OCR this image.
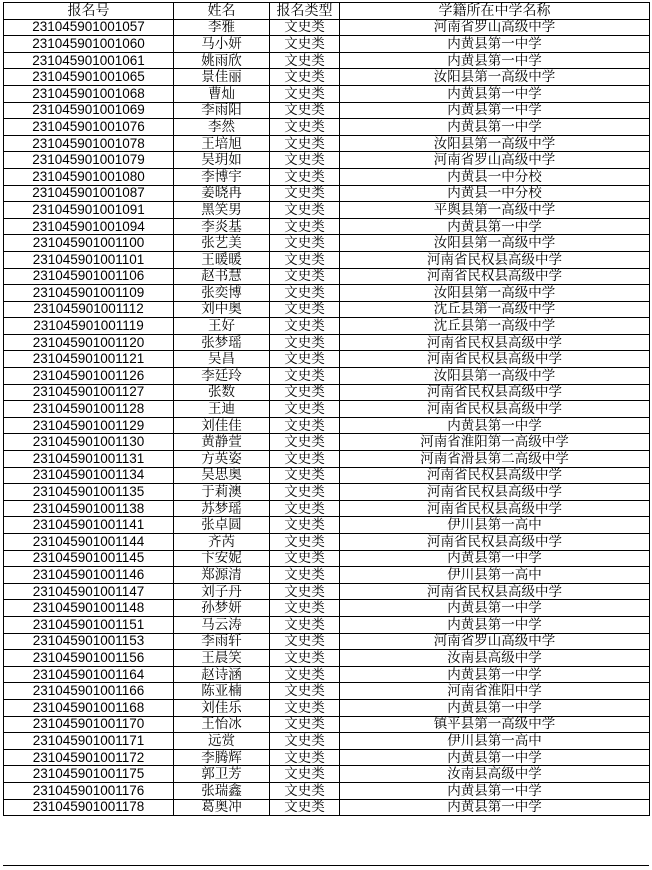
报名号	姓名	报名类型	学籍所在中学名称
231045901001057	李雅	文史类	河南省罗山高级中学
231045901001060	马小妍	文史类	内黄县第一中学
231045901001061	姚雨欣	文史类	内黄县第一中学
231045901001065	景佳丽	文史类	汝阳县第一高级中学
231045901001068	曹灿	文史类	内黄县第一中学
231045901001069	李雨阳	文史类	内黄县第一中学
231045901001076	李然	文史类	内黄县第一中学
231045901001078	王培旭	文史类	汝阳县第一高级中学
231045901001079	吴玥如	文史类	河南省罗山高级中学
231045901001080	李博宇	文史类	内黄县一中分校
231045901001087	姜晓冉	文史类	内黄县一中分校
231045901001091	黑笑男	文史类	平舆县第一高级中学
231045901001094	李炎基	文史类	内黄县第一中学
231045901001100	张艺美	文史类	汝阳县第一高级中学
231045901001101	王暖暖	文史类	河南省民权县高级中学
231045901001106	赵书慧	文史类	河南省民权县高级中学
231045901001109	张奕博	文史类	汝阳县第一高级中学
231045901001112	刘中奥	文史类	沈丘县第一高级中学
231045901001119	王好	文史类	沈丘县第一高级中学
231045901001120	张梦瑶	文史类	河南省民权县高级中学
231045901001121	吴昌	文史类	河南省民权县高级中学
231045901001126	李廷玲	文史类	汝阳县第一高级中学
231045901001127	张数	文史类	河南省民权县高级中学
231045901001128	王迪	文史类	河南省民权县高级中学
231045901001129	刘佳佳	文史类	内黄县第一中学
231045901001130	黄静萱	文史类	河南省淮阳第一高级中学
231045901001131	方英姿	文史类	河南省滑县第二高级中学
231045901001134	吴思奥	文史类	河南省民权县高级中学
231045901001135	于莉澳	文史类	河南省民权县高级中学
231045901001138	苏梦瑶	文史类	河南省民权县高级中学
231045901001141	张卓圆	文史类	伊川县第一高中
231045901001144	齐芮	文史类	河南省民权县高级中学
231045901001145	卞安妮	文史类	内黄县第一中学
231045901001146	郑源清	文史类	伊川县第一高中
231045901001147	刘子丹	文史类	河南省民权县高级中学
231045901001148	孙梦妍	文史类	内黄县第一中学
231045901001151	马云涛	文史类	内黄县第一中学
231045901001153	李雨轩	文史类	河南省罗山高级中学
231045901001156	王晨笑	文史类	汝南县高级中学
231045901001164	赵诗涵	文史类	内黄县第一中学
231045901001166	陈亚楠	文史类	河南省淮阳中学
231045901001168	刘佳乐	文史类	内黄县第一中学
231045901001170	王怡冰	文史类	镇平县第一高级中学
231045901001171	远赏	文史类	伊川县第一高中
231045901001172	李腾辉	文史类	内黄县第一中学
231045901001175	郭卫芳	文史类	汝南县高级中学
231045901001176	张瑞鑫	文史类	内黄县第一中学
231045901001178	葛奥冲	文史类	内黄县第一中学
